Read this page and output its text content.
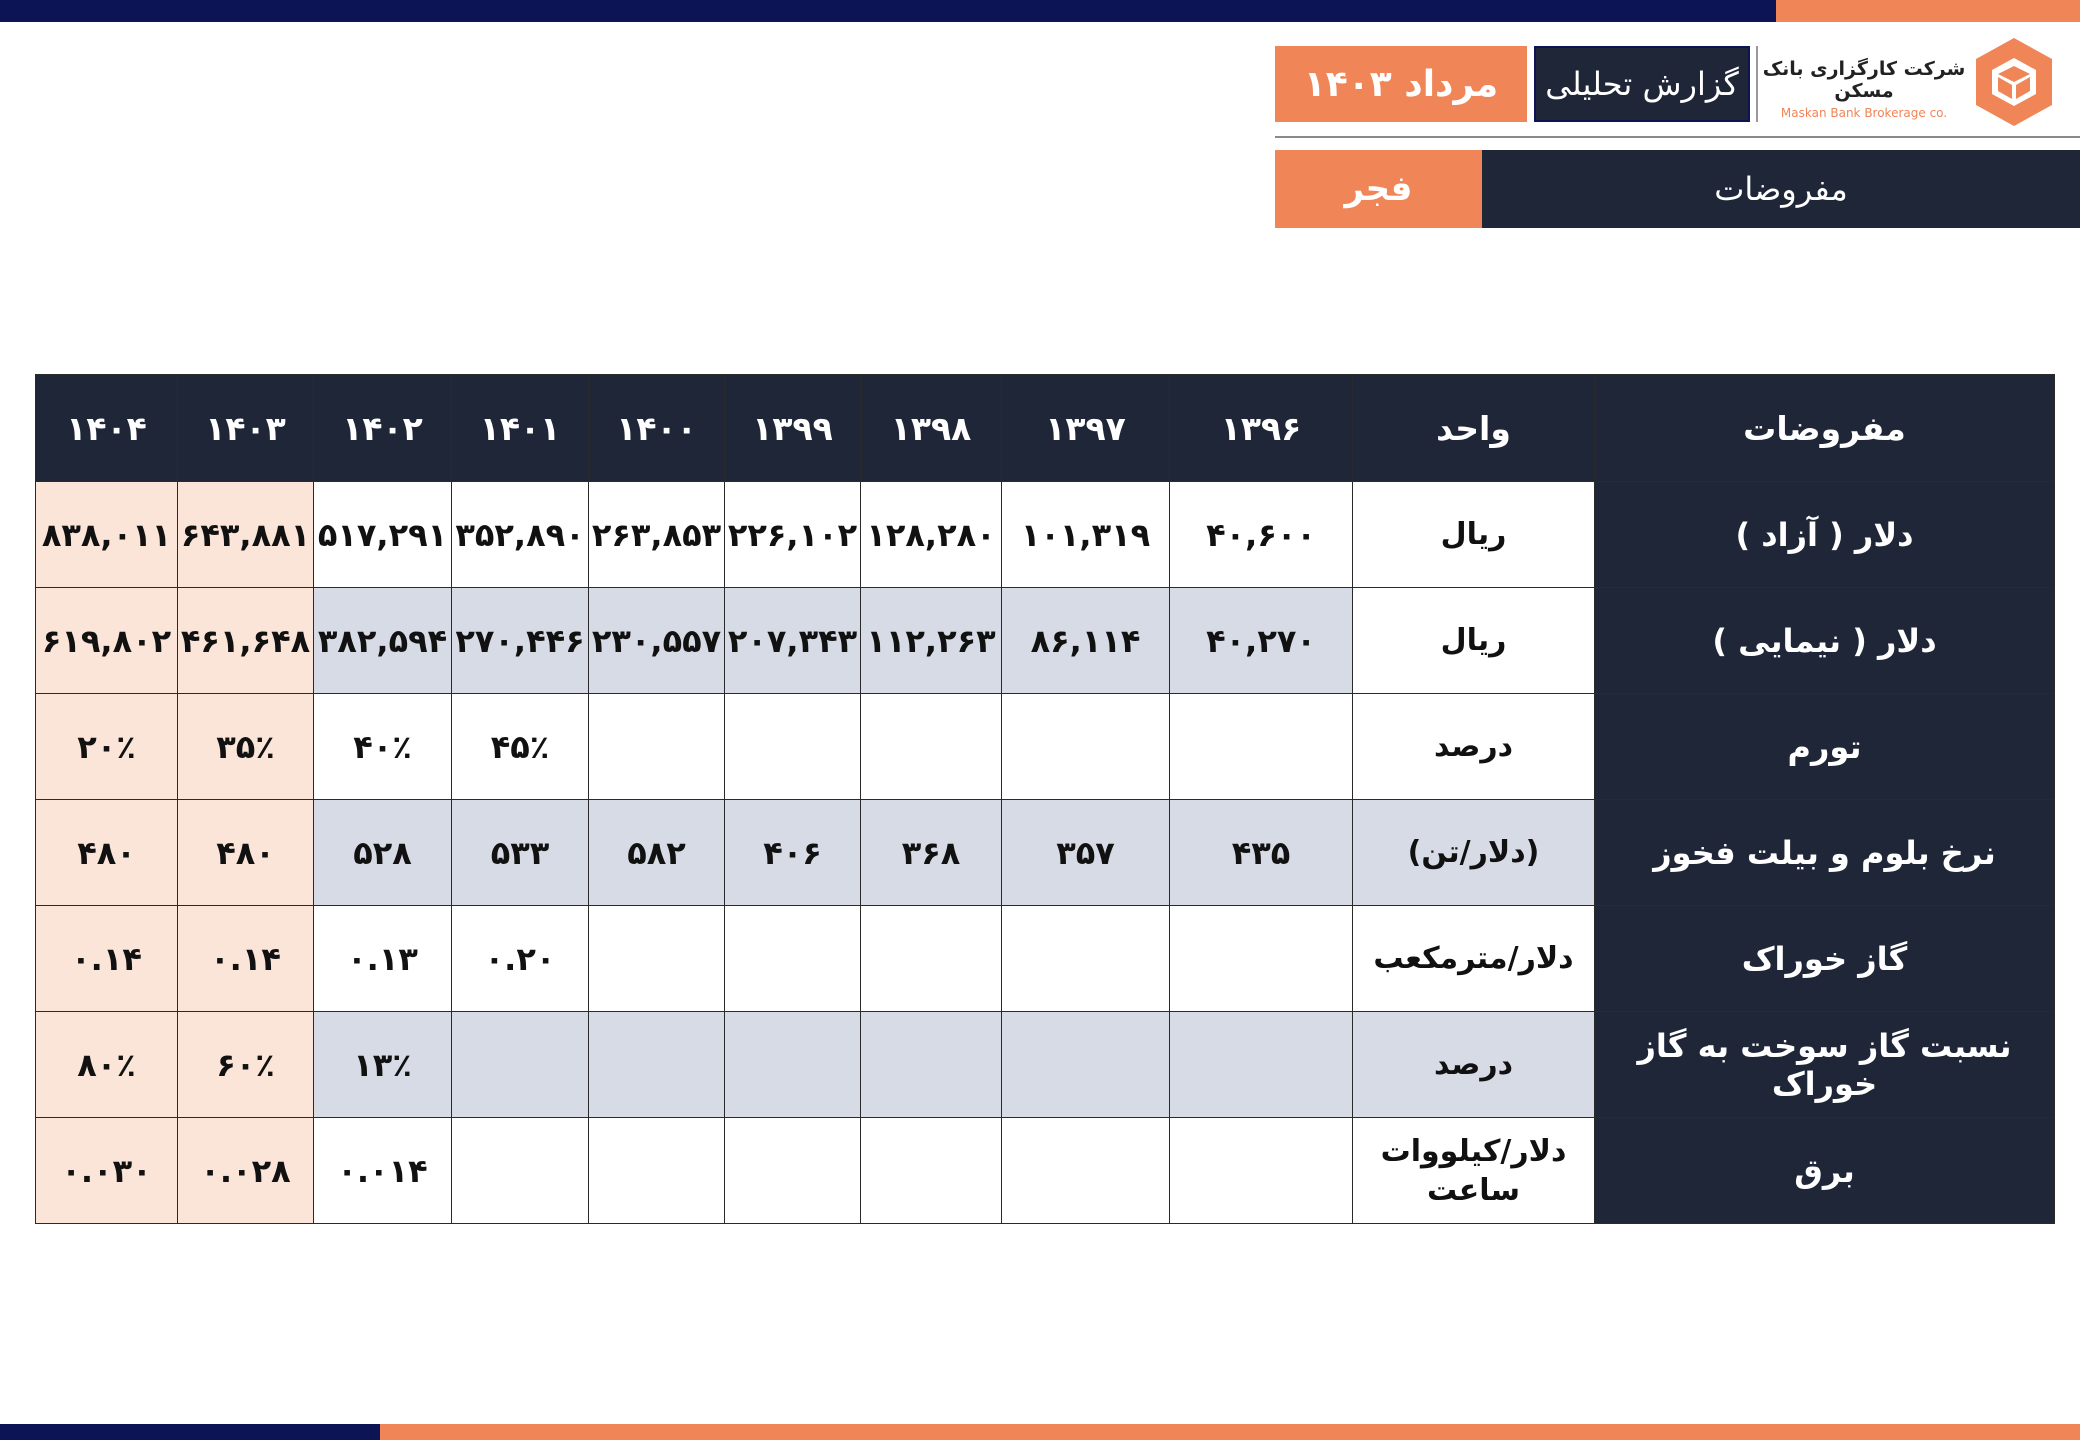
مرداد ۱۴۰۳ گزارش تحلیلی شرکت کارگزاری بانک مسکن
Maskan Bank Brokerage co.
فجر	مفروضات
مفروضات	واحد	۱۳۹۶	۱۳۹۷	۱۳۹۸	۱۳۹۹	۱۴۰۰	۱۴۰۱	۱۴۰۲	۱۴۰۳	۱۴۰۴
دلار ( آزاد )	ریال	۴۰,۶۰۰	۱۰۱,۳۱۹	۱۲۸,۲۸۰	۲۲۶,۱۰۲	۲۶۳,۸۵۳	۳۵۲,۸۹۰	۵۱۷,۲۹۱	۶۴۳,۸۸۱	۸۳۸,۰۱۱
دلار ( نیمایی )	ریال	۴۰,۲۷۰	۸۶,۱۱۴	۱۱۲,۲۶۳	۲۰۷,۳۴۳	۲۳۰,۵۵۷	۲۷۰,۴۴۶	۳۸۲,۵۹۴	۴۶۱,۶۴۸	۶۱۹,۸۰۲
تورم	درصد						۴۵٪	۴۰٪	۳۵٪	۲۰٪
نرخ بلوم و بیلت فخوز	(دلار/تن)	۴۳۵	۳۵۷	۳۶۸	۴۰۶	۵۸۲	۵۳۳	۵۲۸	۴۸۰	۴۸۰
گاز خوراک	دلار/مترمکعب						۰.۲۰	۰.۱۳	۰.۱۴	۰.۱۴
نسبت گاز سوخت به گاز خوراک	درصد							۱۳٪	۶۰٪	۸۰٪
برق	دلار/کیلووات ساعت							۰.۰۱۴	۰.۰۲۸	۰.۰۳۰
